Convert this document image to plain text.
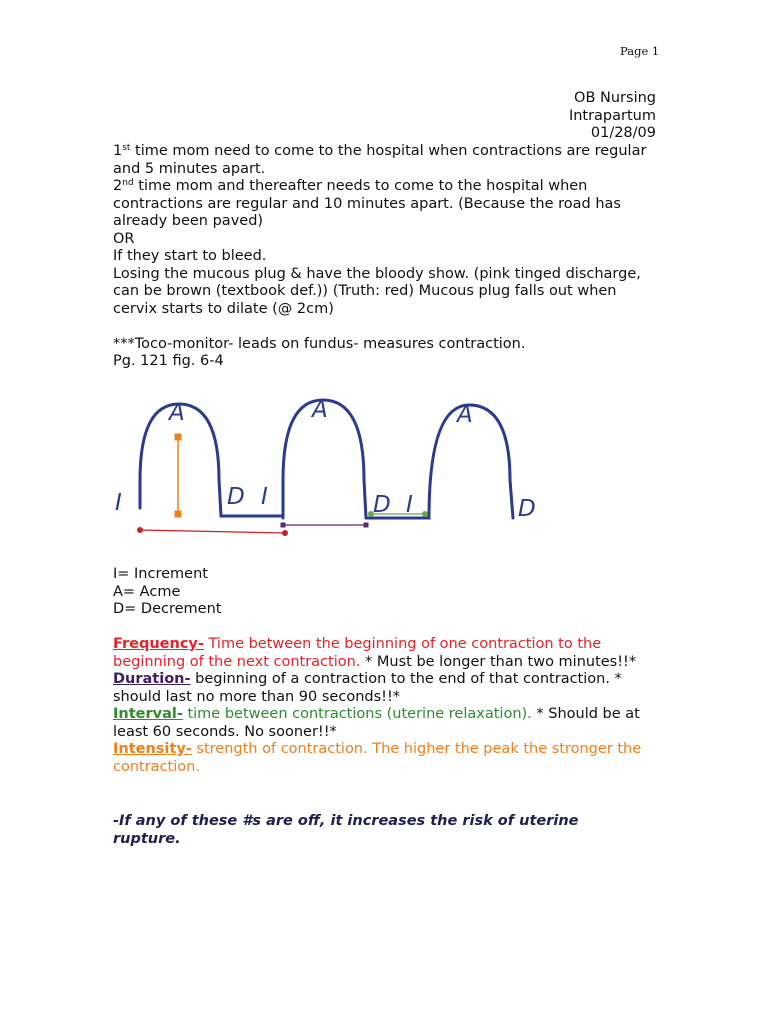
Page 1
OB Nursing
Intrapartum
01/28/09

1st time mom need to come to the hospital when contractions are regular and 5 minutes apart.

2nd time mom and thereafter needs to come to the hospital when contractions are regular and 10 minutes apart. (Because the road has already been paved)

OR

If they start to bleed.

Losing the mucous plug & have the bloody show. (pink tinged discharge, can be brown (textbook def.)) (Truth: red) Mucous plug falls out when cervix starts to dilate (@ 2cm)

***Toco-monitor- leads on fundus- measures contraction.

Pg. 121 fig. 6-4

A	A	A
I	D I	D I	D

I= Increment

A= Acme

D= Decrement

Frequency- Time between the beginning of one contraction to the beginning of the next contraction. * Must be longer than two minutes!!*

Duration- beginning of a contraction to the end of that contraction. * should last no more than 90 seconds!!*

Interval- time between contractions (uterine relaxation). * Should be at least 60 seconds. No sooner!!*

Intensity- strength of contraction. The higher the peak the stronger the contraction.

-If any of these #s are off, it increases the risk of uterine rupture.
